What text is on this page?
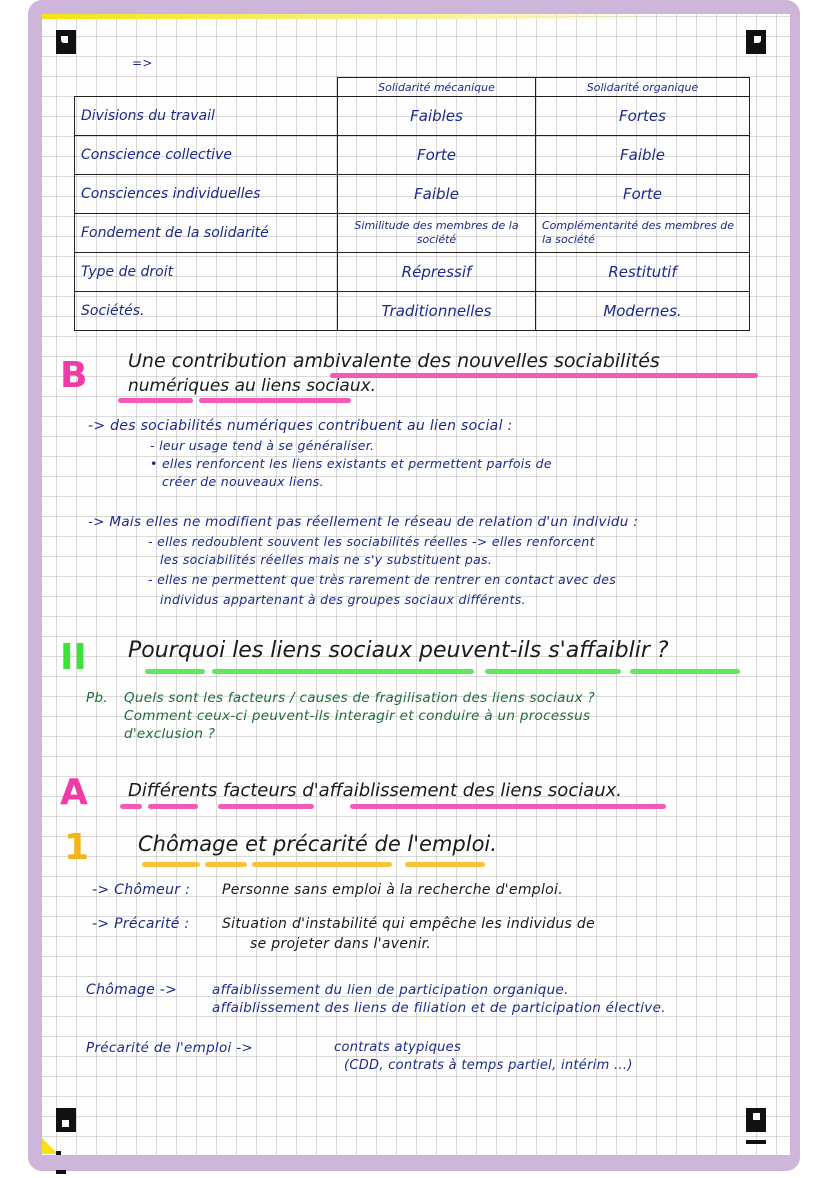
=>
	Solidarité mécanique	Solidarité organique
Divisions du travail	Faibles	Fortes
Conscience collective	Forte	Faible
Consciences individuelles	Faible	Forte
Fondement de la solidarité	Similitude des membres de la société	Complémentarité des membres de la société
Type de droit	Répressif	Restitutif
Sociétés.	Traditionnelles	Modernes.
B Une contribution ambivalente des nouvelles sociabilités
numériques au liens sociaux.
-> des sociabilités numériques contribuent au lien social :
- leur usage tend à se généraliser.
• elles renforcent les liens existants et permettent parfois de
créer de nouveaux liens.
-> Mais elles ne modifient pas réellement le réseau de relation d'un individu :
- elles redoublent souvent les sociabilités réelles -> elles renforcent
les sociabilités réelles mais ne s'y substituent pas.
- elles ne permettent que très rarement de rentrer en contact avec des
individus appartenant à des groupes sociaux différents.
II Pourquoi les liens sociaux peuvent-ils s'affaiblir ?
Pb. Quels sont les facteurs / causes de fragilisation des liens sociaux ?
Comment ceux-ci peuvent-ils interagir et conduire à un processus
d'exclusion ?
A Différents facteurs d'affaiblissement des liens sociaux.
1 Chômage et précarité de l'emploi.
-> Chômeur : Personne sans emploi à la recherche d'emploi.
-> Précarité : Situation d'instabilité qui empêche les individus de
se projeter dans l'avenir.
Chômage ->	affaiblissement du lien de participation organique.
affaiblissement des liens de filiation et de participation élective.
Précarité de l'emploi ->	contrats atypiques
(CDD, contrats à temps partiel, intérim ...)
